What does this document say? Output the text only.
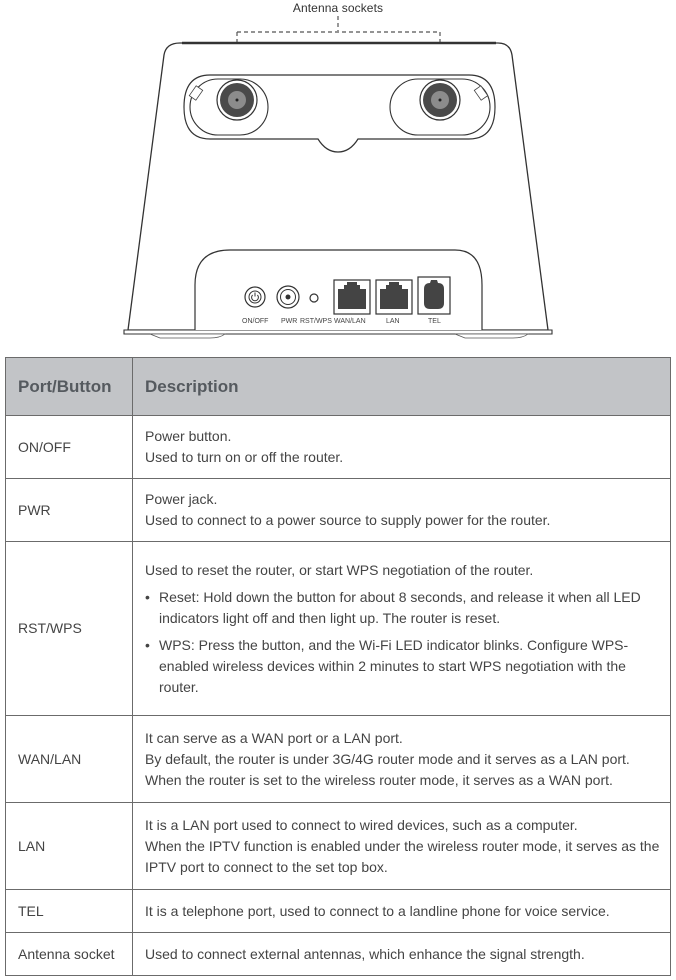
Antenna sockets
ON/OFF PWR RST/WPS WAN/LAN	LAN	TEL
Port/Button	Description
ON/OFF	Power button.
Used to turn on or off the router.

PWR	Power jack.
Used to connect to a power source to supply power for the router.

RST/WPS	Used to reset the router, or start WPS negotiation of the router.
• Reset: Hold down the button for about 8 seconds, and release it when all LED indicators light off and then light up. The router is reset.
• WPS: Press the button, and the Wi-Fi LED indicator blinks. Configure WPS-enabled wireless devices within 2 minutes to start WPS negotiation with the router.

WAN/LAN	It can serve as a WAN port or a LAN port.
By default, the router is under 3G/4G router mode and it serves as a LAN port.
When the router is set to the wireless router mode, it serves as a WAN port.

LAN	It is a LAN port used to connect to wired devices, such as a computer.
When the IPTV function is enabled under the wireless router mode, it serves as the IPTV port to connect to the set top box.

TEL	It is a telephone port, used to connect to a landline phone for voice service.

Antenna socket	Used to connect external antennas, which enhance the signal strength.
